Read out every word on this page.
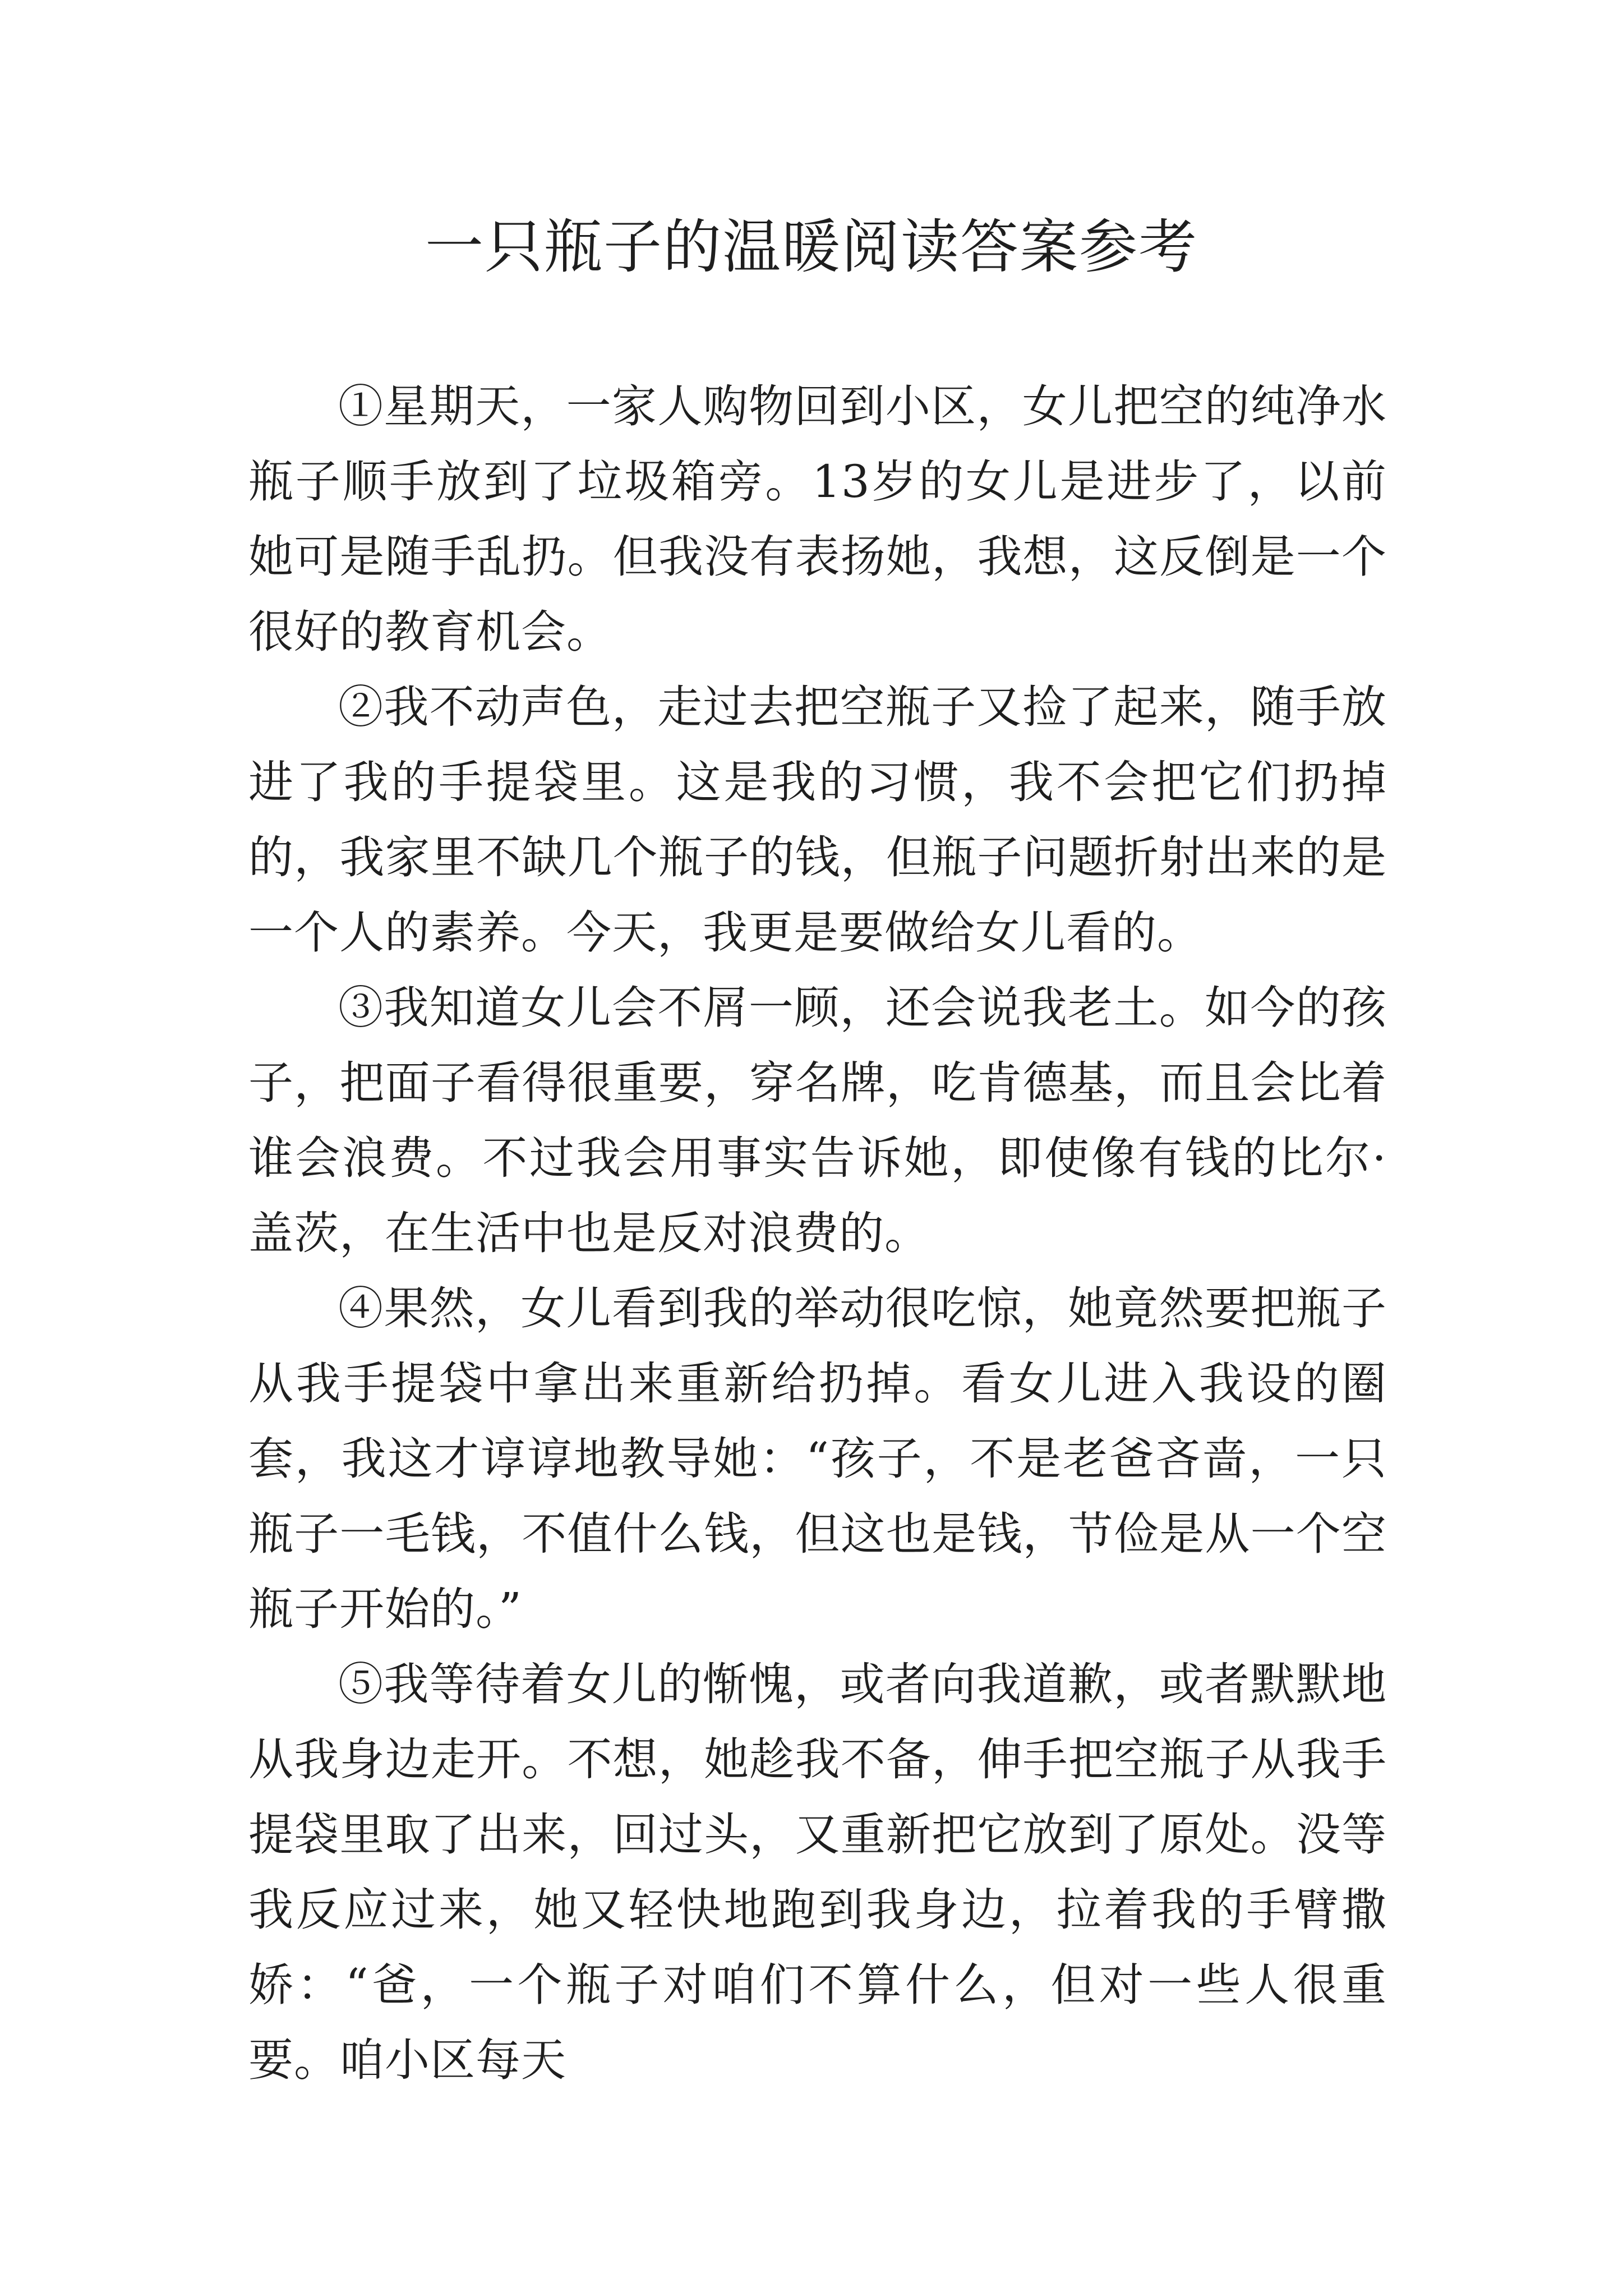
一只瓶子的温暖阅读答案参考

①星期天，一家人购物回到小区，女儿把空的纯净水瓶子顺手放到了垃圾箱旁。13岁的女儿是进步了，以前她可是随手乱扔。但我没有表扬她，我想，这反倒是一个很好的教育机会。

②我不动声色，走过去把空瓶子又捡了起来，随手放进了我的手提袋里。这是我的习惯，我不会把它们扔掉的，我家里不缺几个瓶子的钱，但瓶子问题折射出来的是一个人的素养。今天，我更是要做给女儿看的。

③我知道女儿会不屑一顾，还会说我老土。如今的孩子，把面子看得很重要，穿名牌，吃肯德基，而且会比着谁会浪费。不过我会用事实告诉她，即使像有钱的比尔·盖茨，在生活中也是反对浪费的。

④果然，女儿看到我的举动很吃惊，她竟然要把瓶子从我手提袋中拿出来重新给扔掉。看女儿进入我设的圈套，我这才谆谆地教导她：“孩子，不是老爸吝啬，一只瓶子一毛钱，不值什么钱，但这也是钱，节俭是从一个空瓶子开始的。”

⑤我等待着女儿的惭愧，或者向我道歉，或者默默地从我身边走开。不想，她趁我不备，伸手把空瓶子从我手提袋里取了出来，回过头，又重新把它放到了原处。没等我反应过来，她又轻快地跑到我身边，拉着我的手臂撒娇：“爸，一个瓶子对咱们不算什么，但对一些人很重要。咱小区每天
